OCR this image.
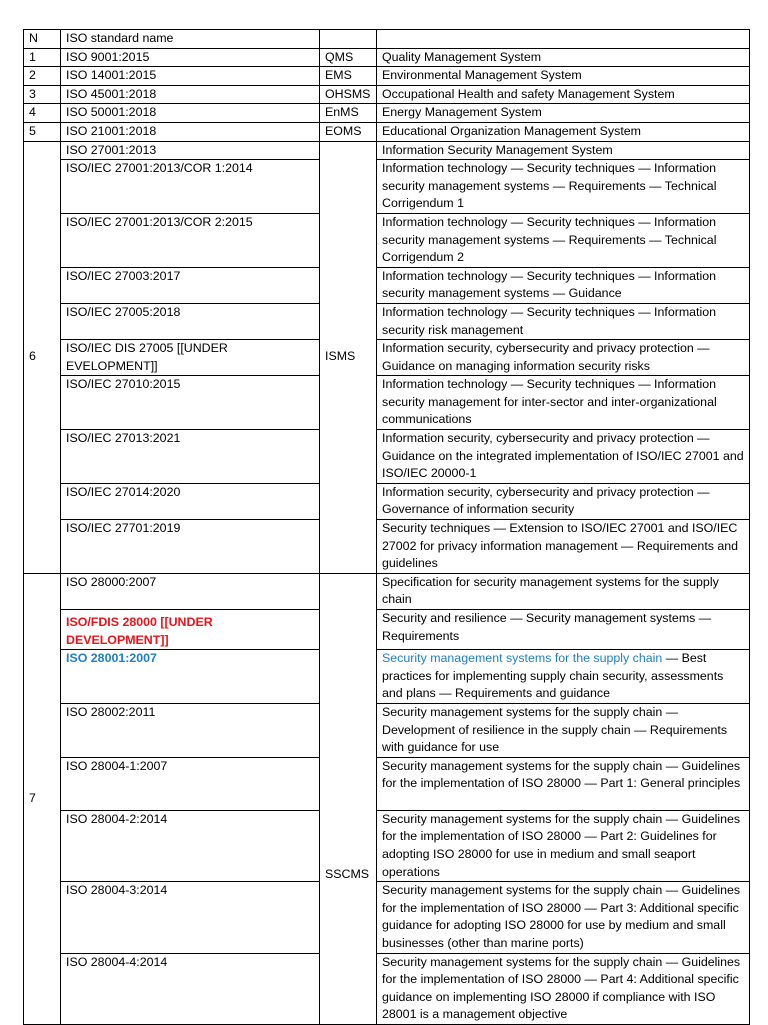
N	ISO standard name		
1	ISO 9001:2015	QMS	Quality Management System
2	ISO 14001:2015	EMS	Environmental Management System
3	ISO 45001:2018	OHSMS	Occupational Health and safety Management System
4	ISO 50001:2018	EnMS	Energy Management System
5	ISO 21001:2018	EOMS	Educational Organization Management System
6	ISO 27001:2013	ISMS	Information Security Management System
	ISO/IEC 27001:2013/COR 1:2014		Information technology — Security techniques — Information security management systems — Requirements — Technical Corrigendum 1
	ISO/IEC 27001:2013/COR 2:2015		Information technology — Security techniques — Information security management systems — Requirements — Technical Corrigendum 2
	ISO/IEC 27003:2017		Information technology — Security techniques — Information security management systems — Guidance
	ISO/IEC 27005:2018		Information technology — Security techniques — Information security risk management
	ISO/IEC DIS 27005 [[UNDER EVELOPMENT]]		Information security, cybersecurity and privacy protection — Guidance on managing information security risks
	ISO/IEC 27010:2015		Information technology — Security techniques — Information security management for inter-sector and inter-organizational communications
	ISO/IEC 27013:2021		Information security, cybersecurity and privacy protection — Guidance on the integrated implementation of ISO/IEC 27001 and ISO/IEC 20000-1
	ISO/IEC 27014:2020		Information security, cybersecurity and privacy protection — Governance of information security
	ISO/IEC 27701:2019		Security techniques — Extension to ISO/IEC 27001 and ISO/IEC 27002 for privacy information management — Requirements and guidelines
7	ISO 28000:2007	SSCMS	Specification for security management systems for the supply chain
	ISO/FDIS 28000 [[UNDER DEVELOPMENT]]		Security and resilience — Security management systems — Requirements
	ISO 28001:2007		Security management systems for the supply chain — Best practices for implementing supply chain security, assessments and plans — Requirements and guidance
	ISO 28002:2011		Security management systems for the supply chain — Development of resilience in the supply chain — Requirements with guidance for use
	ISO 28004-1:2007		Security management systems for the supply chain — Guidelines for the implementation of ISO 28000 — Part 1: General principles
	ISO 28004-2:2014		Security management systems for the supply chain — Guidelines for the implementation of ISO 28000 — Part 2: Guidelines for adopting ISO 28000 for use in medium and small seaport operations
	ISO 28004-3:2014		Security management systems for the supply chain — Guidelines for the implementation of ISO 28000 — Part 3: Additional specific guidance for adopting ISO 28000 for use by medium and small businesses (other than marine ports)
	ISO 28004-4:2014		Security management systems for the supply chain — Guidelines for the implementation of ISO 28000 — Part 4: Additional specific guidance on implementing ISO 28000 if compliance with ISO 28001 is a management objective
